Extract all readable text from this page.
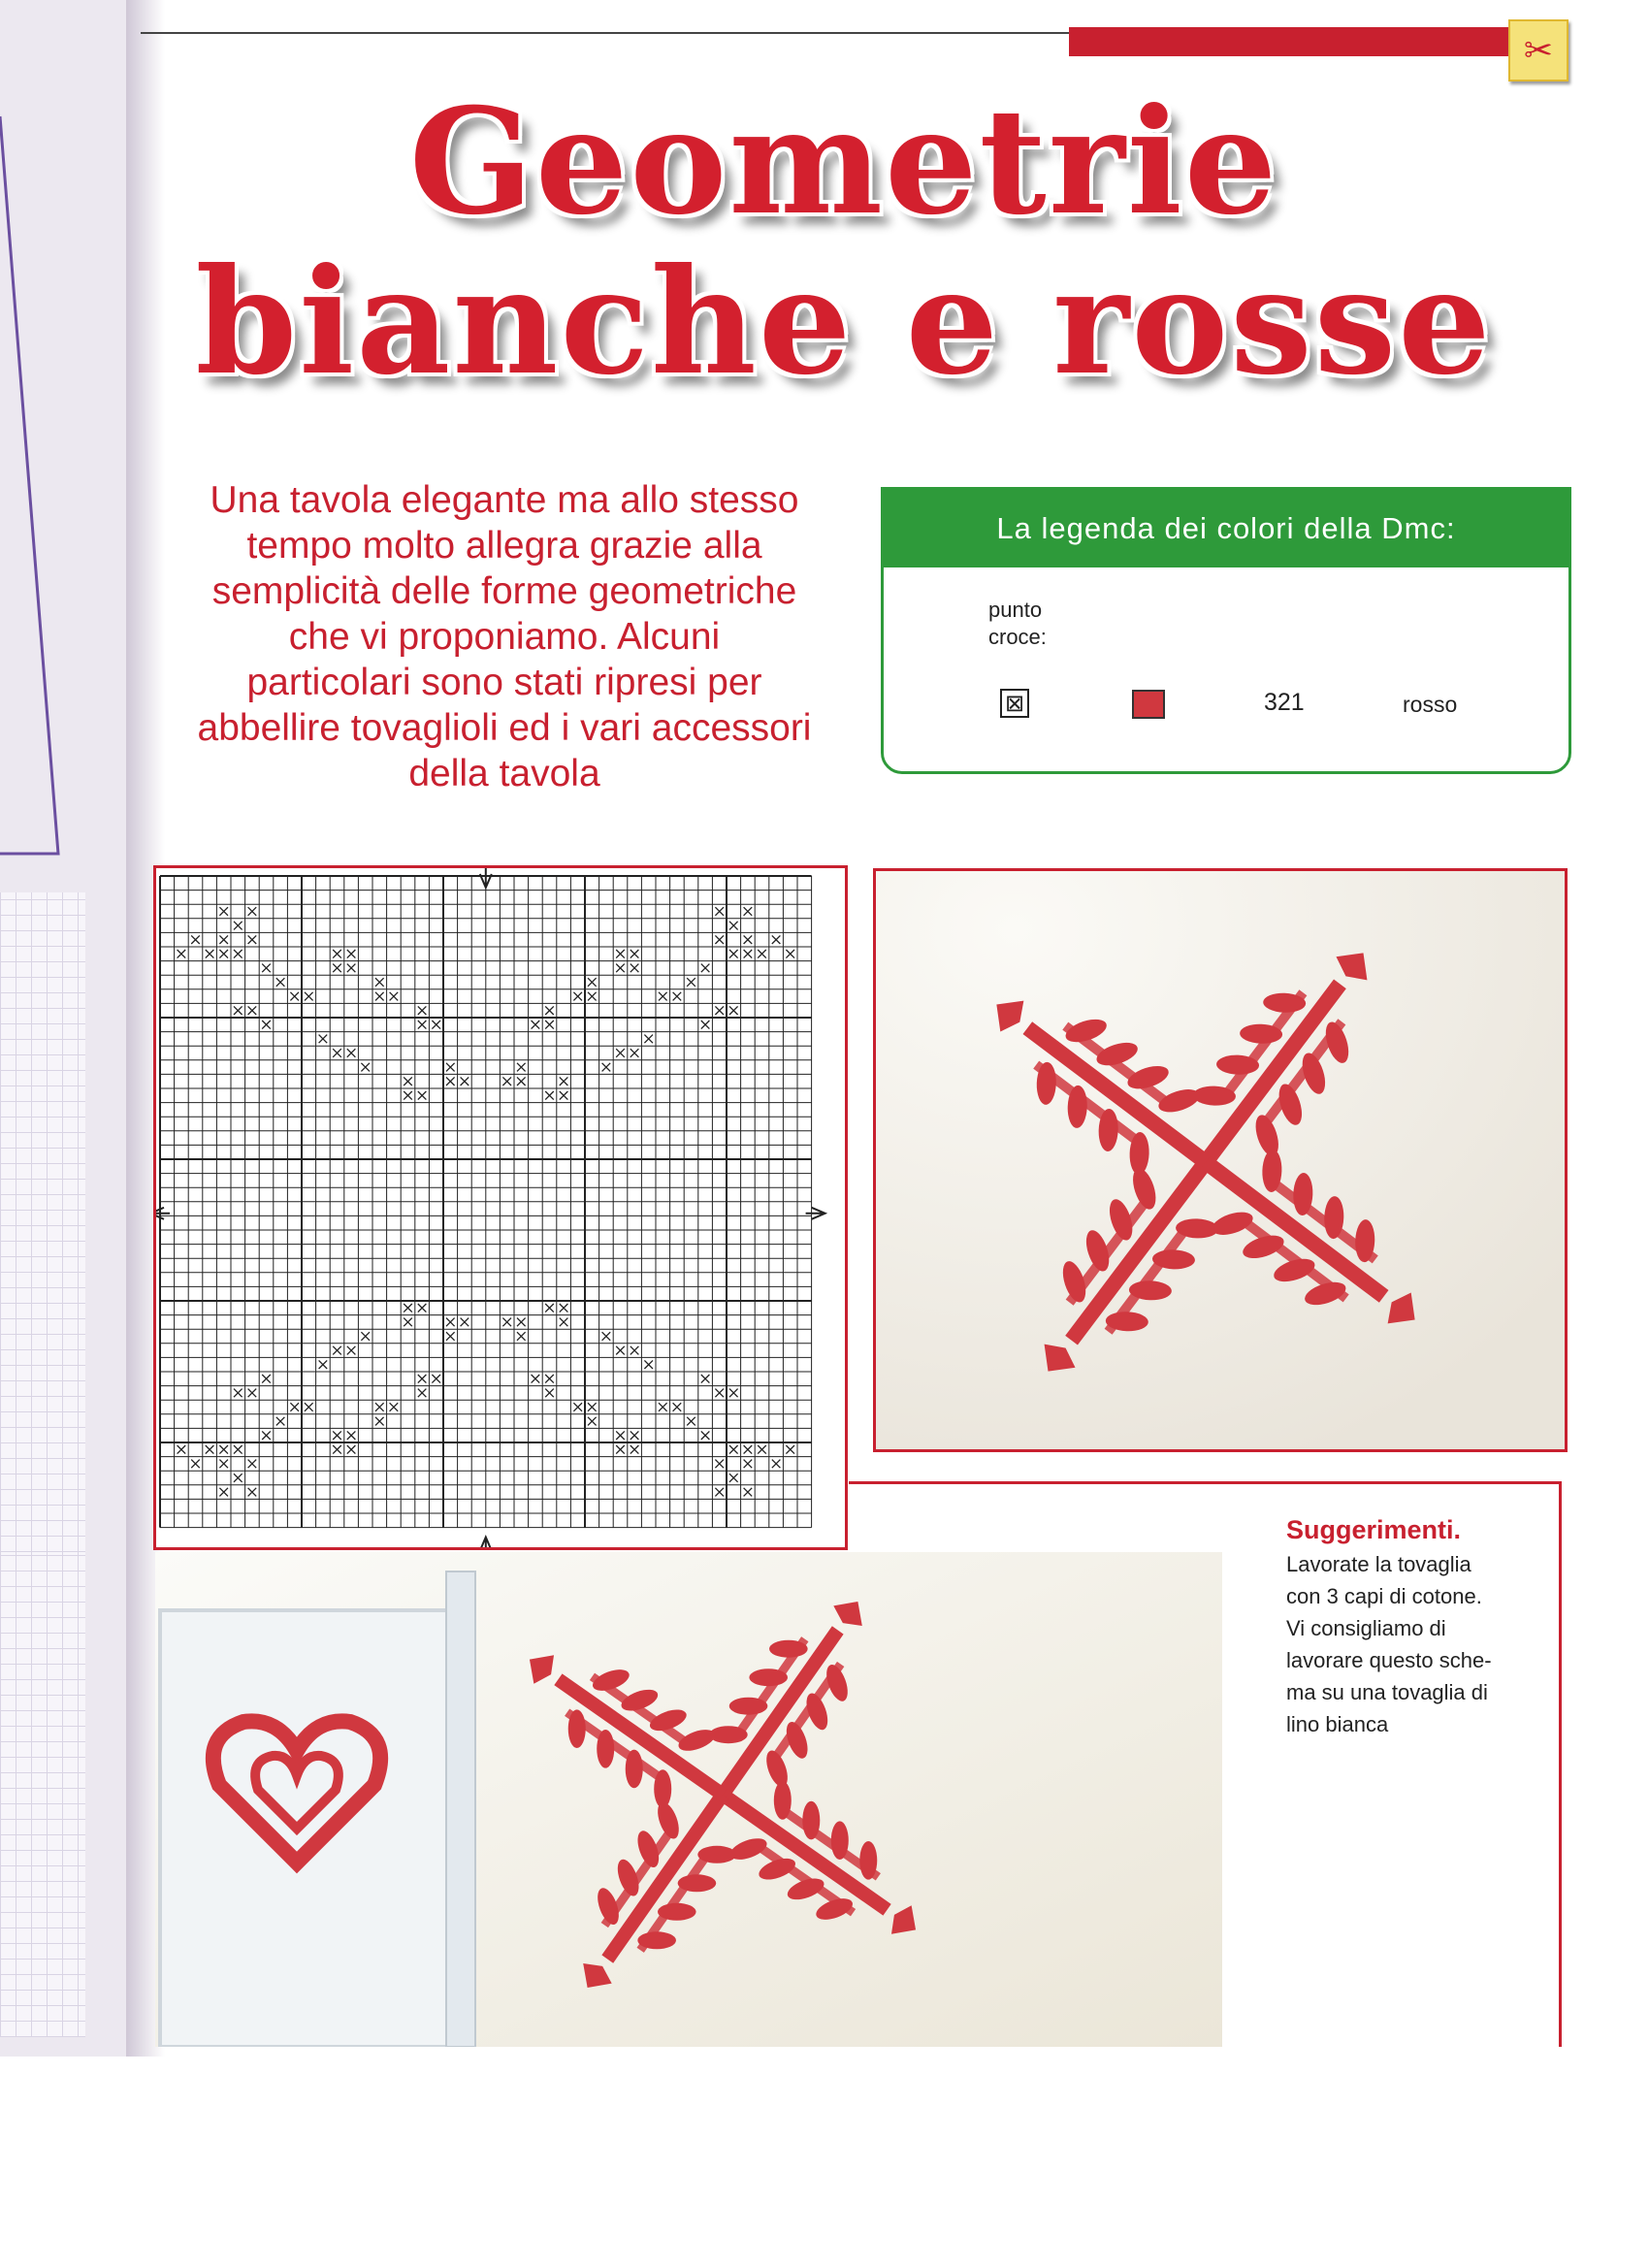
✂
Geometrie
bianche e rosse
Una tavola elegante ma allo stesso
tempo molto allegra grazie alla
semplicità delle forme geometriche
che vi proponiamo. Alcuni
particolari sono stati ripresi per
abbellire tovaglioli ed i vari accessori
della tavola
La legenda dei colori della Dmc:
punto
croce:
⊠	321	rosso
Suggerimenti.
Lavorate la tovaglia
con 3 capi di cotone.
Vi consigliamo di
lavorare questo sche-
ma su una tovaglia di
lino bianca
